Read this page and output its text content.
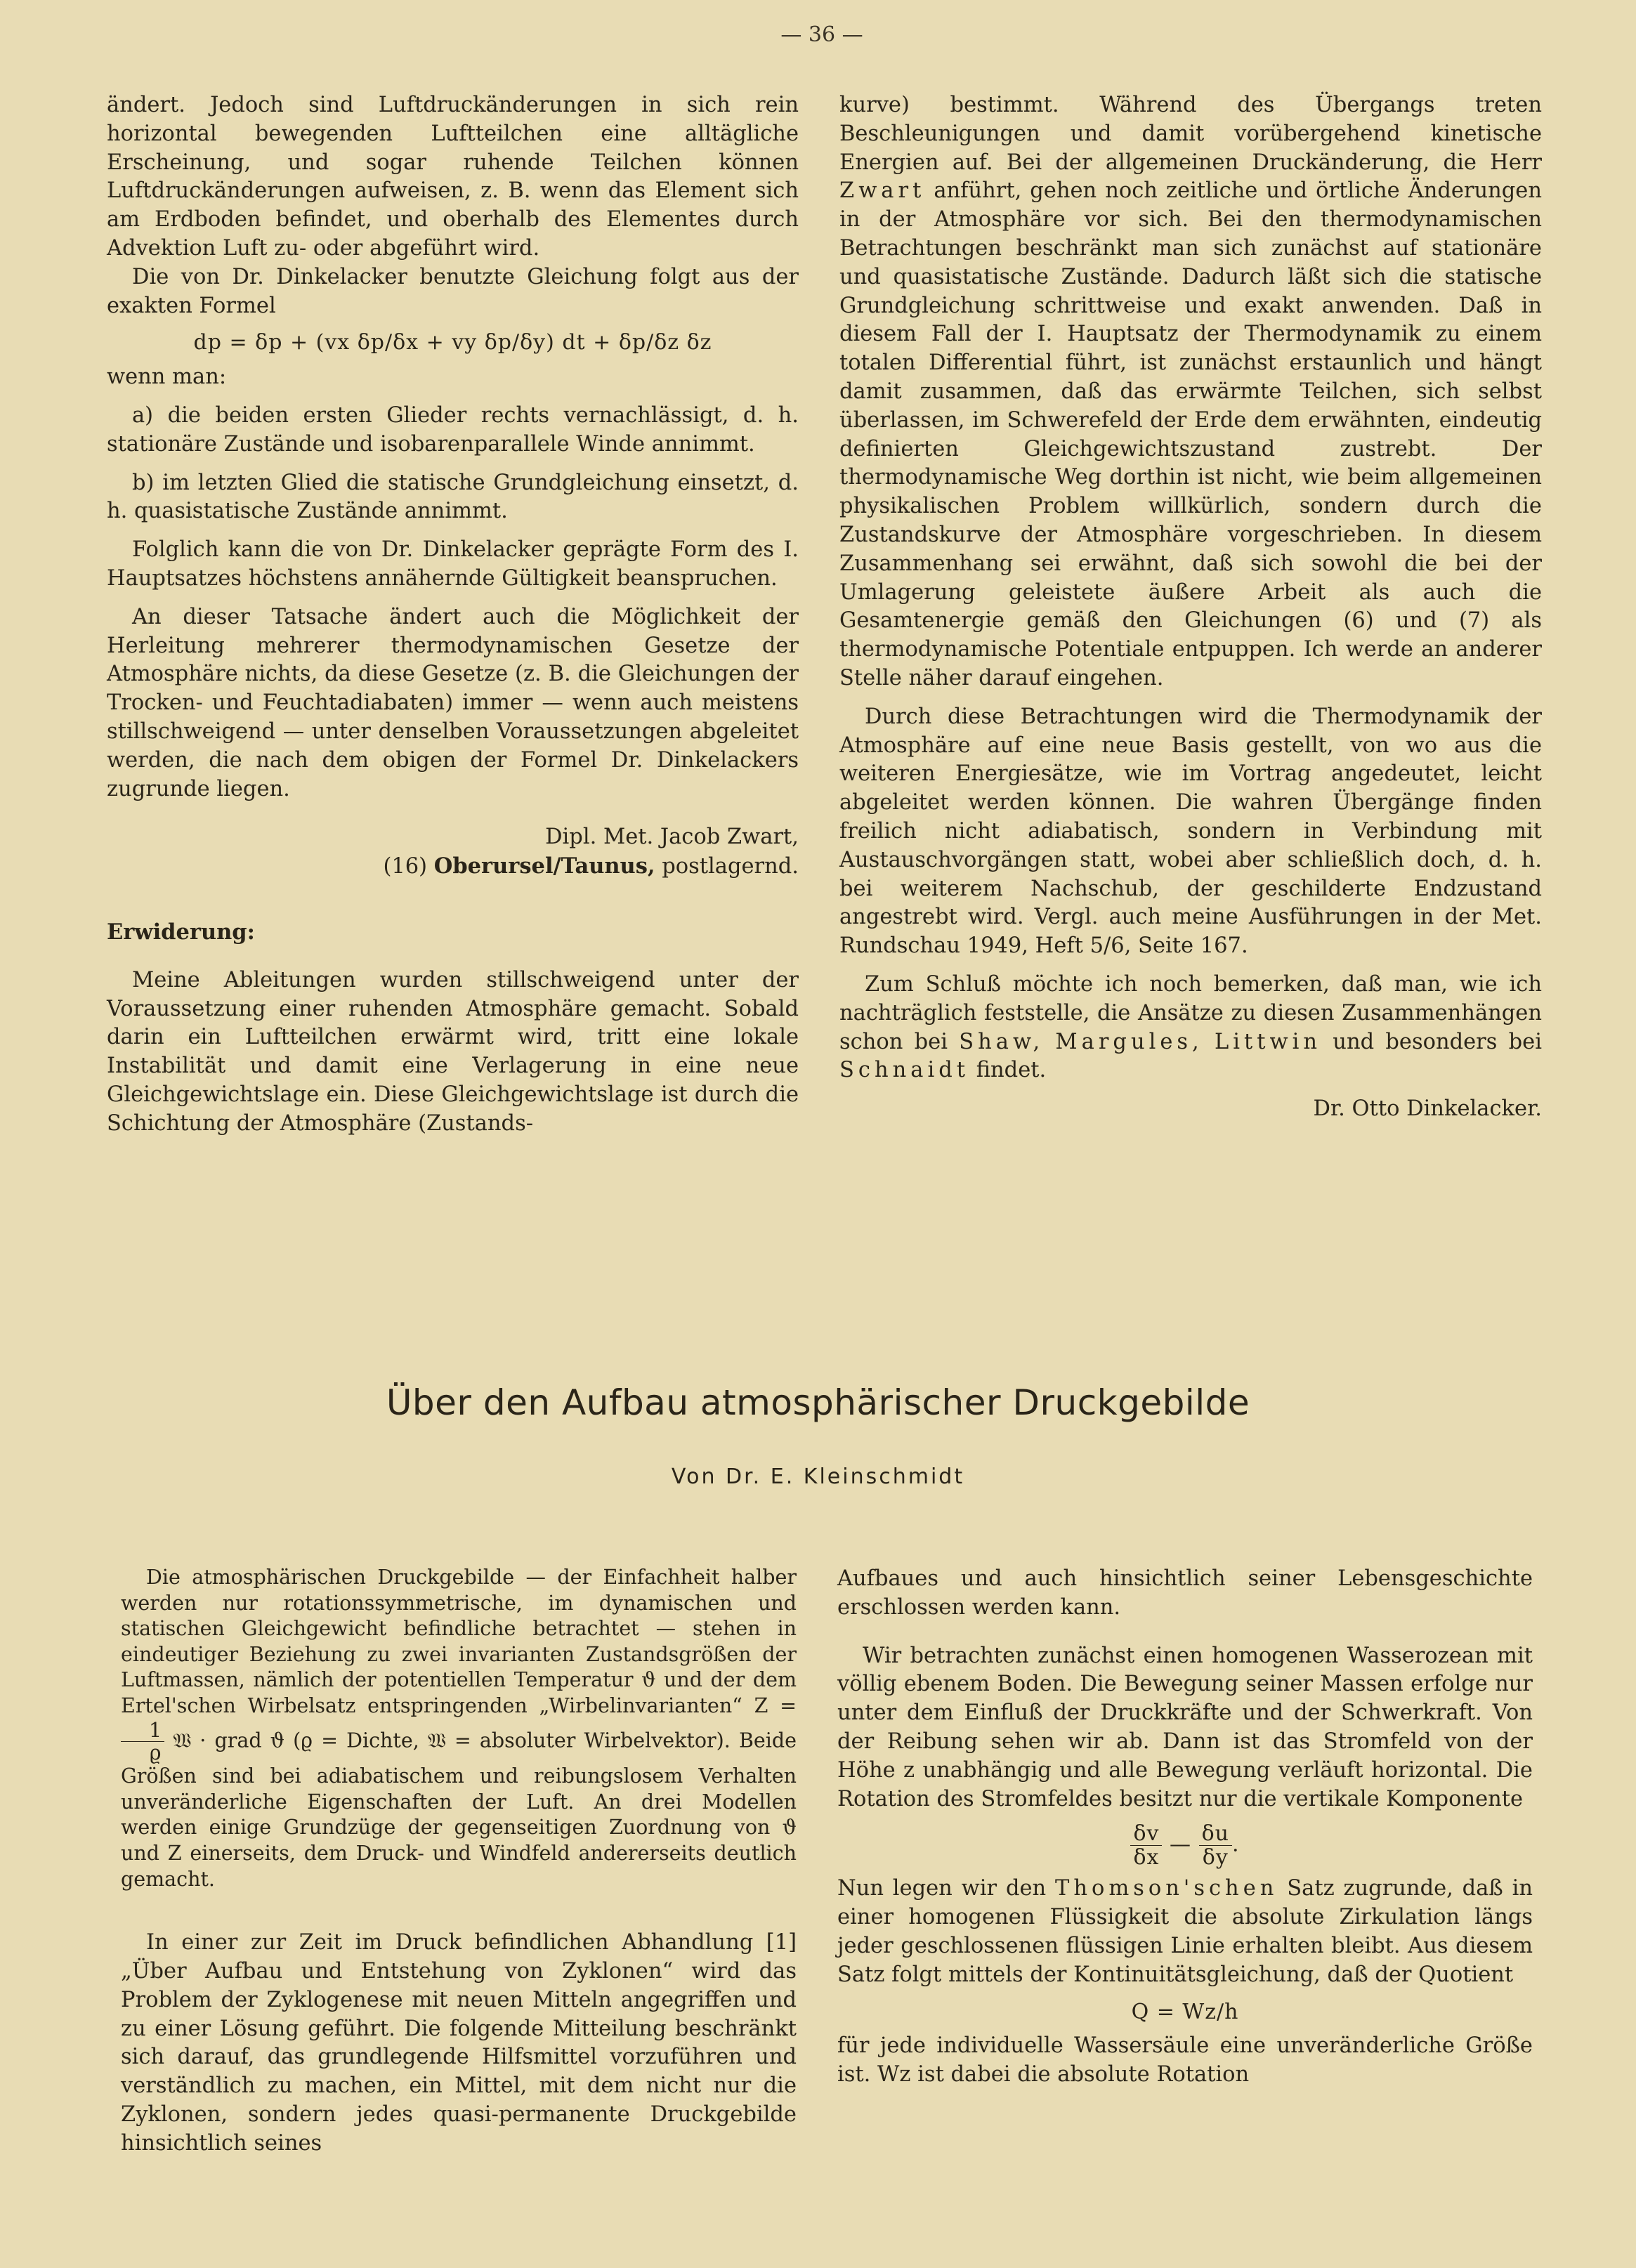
— 36 —

ändert. Jedoch sind Luftdruckänderungen in sich rein horizontal bewegenden Luftteilchen eine alltägliche Erscheinung, und sogar ruhende Teilchen können Luftdruckänderungen aufweisen, z. B. wenn das Element sich am Erdboden befindet, und oberhalb des Elementes durch Advektion Luft zu- oder abgeführt wird.

Die von Dr. Dinkelacker benutzte Gleichung folgt aus der exakten Formel

dp = δp + (vx δp/δx + vy δp/δy) dt + δp/δz δz

wenn man:

a) die beiden ersten Glieder rechts vernachlässigt, d. h. stationäre Zustände und isobarenparallele Winde annimmt.

b) im letzten Glied die statische Grundgleichung einsetzt, d. h. quasistatische Zustände annimmt.

Folglich kann die von Dr. Dinkelacker geprägte Form des I. Hauptsatzes höchstens annähernde Gültigkeit beanspruchen.

An dieser Tatsache ändert auch die Möglichkeit der Herleitung mehrerer thermodynamischen Gesetze der Atmosphäre nichts, da diese Gesetze (z. B. die Gleichungen der Trocken- und Feuchtadiabaten) immer — wenn auch meistens stillschweigend — unter denselben Voraussetzungen abgeleitet werden, die nach dem obigen der Formel Dr. Dinkelackers zugrunde liegen.

Dipl. Met. Jacob Zwart,

(16) Oberursel/Taunus, postlagernd.

Erwiderung:

Meine Ableitungen wurden stillschweigend unter der Voraussetzung einer ruhenden Atmosphäre gemacht. Sobald darin ein Luftteilchen erwärmt wird, tritt eine lokale Instabilität und damit eine Verlagerung in eine neue Gleichgewichtslage ein. Diese Gleichgewichtslage ist durch die Schichtung der Atmosphäre (Zustands-

kurve) bestimmt. Während des Übergangs treten Beschleunigungen und damit vorübergehend kinetische Energien auf. Bei der allgemeinen Druckänderung, die Herr Zwart anführt, gehen noch zeitliche und örtliche Änderungen in der Atmosphäre vor sich. Bei den thermodynamischen Betrachtungen beschränkt man sich zunächst auf stationäre und quasistatische Zustände. Dadurch läßt sich die statische Grundgleichung schrittweise und exakt anwenden. Daß in diesem Fall der I. Hauptsatz der Thermodynamik zu einem totalen Differential führt, ist zunächst erstaunlich und hängt damit zusammen, daß das erwärmte Teilchen, sich selbst überlassen, im Schwerefeld der Erde dem erwähnten, eindeutig definierten Gleichgewichtszustand zustrebt. Der thermodynamische Weg dorthin ist nicht, wie beim allgemeinen physikalischen Problem willkürlich, sondern durch die Zustandskurve der Atmosphäre vorgeschrieben. In diesem Zusammenhang sei erwähnt, daß sich sowohl die bei der Umlagerung geleistete äußere Arbeit als auch die Gesamtenergie gemäß den Gleichungen (6) und (7) als thermodynamische Potentiale entpuppen. Ich werde an anderer Stelle näher darauf eingehen.

Durch diese Betrachtungen wird die Thermodynamik der Atmosphäre auf eine neue Basis gestellt, von wo aus die weiteren Energiesätze, wie im Vortrag angedeutet, leicht abgeleitet werden können. Die wahren Übergänge finden freilich nicht adiabatisch, sondern in Verbindung mit Austauschvorgängen statt, wobei aber schließlich doch, d. h. bei weiterem Nachschub, der geschilderte Endzustand angestrebt wird. Vergl. auch meine Ausführungen in der Met. Rundschau 1949, Heft 5/6, Seite 167.

Zum Schluß möchte ich noch bemerken, daß man, wie ich nachträglich feststelle, die Ansätze zu diesen Zusammenhängen schon bei Shaw, Margules, Littwin und besonders bei Schnaidt findet.

Dr. Otto Dinkelacker.

Über den Aufbau atmosphärischer Druckgebilde
Von Dr. E. Kleinschmidt

Die atmosphärischen Druckgebilde — der Einfachheit halber werden nur rotationssymmetrische, im dynamischen und statischen Gleichgewicht befindliche betrachtet — stehen in eindeutiger Beziehung zu zwei invarianten Zustandsgrößen der Luftmassen, nämlich der potentiellen Temperatur ϑ und der dem Ertel'schen Wirbelsatz entspringenden „Wirbelinvarianten“ Z =
$\frac{1}{ϱ}$ 𝔚 · grad ϑ (ϱ = Dichte, 𝔚 = absoluter Wirbelvektor). Beide Größen sind bei adiabatischem und reibungslosem Verhalten unveränderliche Eigenschaften der Luft. An drei Modellen werden einige Grundzüge der gegenseitigen Zuordnung von ϑ und Z einerseits, dem Druck- und Windfeld andererseits deutlich gemacht.

In einer zur Zeit im Druck befindlichen Abhandlung [1] „Über Aufbau und Entstehung von Zyklonen“ wird das Problem der Zyklogenese mit neuen Mitteln angegriffen und zu einer Lösung geführt. Die folgende Mitteilung beschränkt sich darauf, das grundlegende Hilfsmittel vorzuführen und verständlich zu machen, ein Mittel, mit dem nicht nur die Zyklonen, sondern jedes quasi-permanente Druckgebilde hinsichtlich seines

Aufbaues und auch hinsichtlich seiner Lebensgeschichte erschlossen werden kann.

Wir betrachten zunächst einen homogenen Wasserozean mit völlig ebenem Boden. Die Bewegung seiner Massen erfolge nur unter dem Einfluß der Druckkräfte und der Schwerkraft. Von der Reibung sehen wir ab. Dann ist das Stromfeld von der Höhe z unabhängig und alle Bewegung verläuft horizontal. Die Rotation des Stromfeldes besitzt nur die vertikale Komponente

$\frac{\delta v}{\delta x}$ — $\frac{\delta u}{\delta y}$ .

Nun legen wir den Thomson'schen Satz zugrunde, daß in einer homogenen Flüssigkeit die absolute Zirkulation längs jeder geschlossenen flüssigen Linie erhalten bleibt. Aus diesem Satz folgt mittels der Kontinuitätsgleichung, daß der Quotient

Q = Wz/h

für jede individuelle Wassersäule eine unveränderliche Größe ist. Wz ist dabei die absolute Rotation
